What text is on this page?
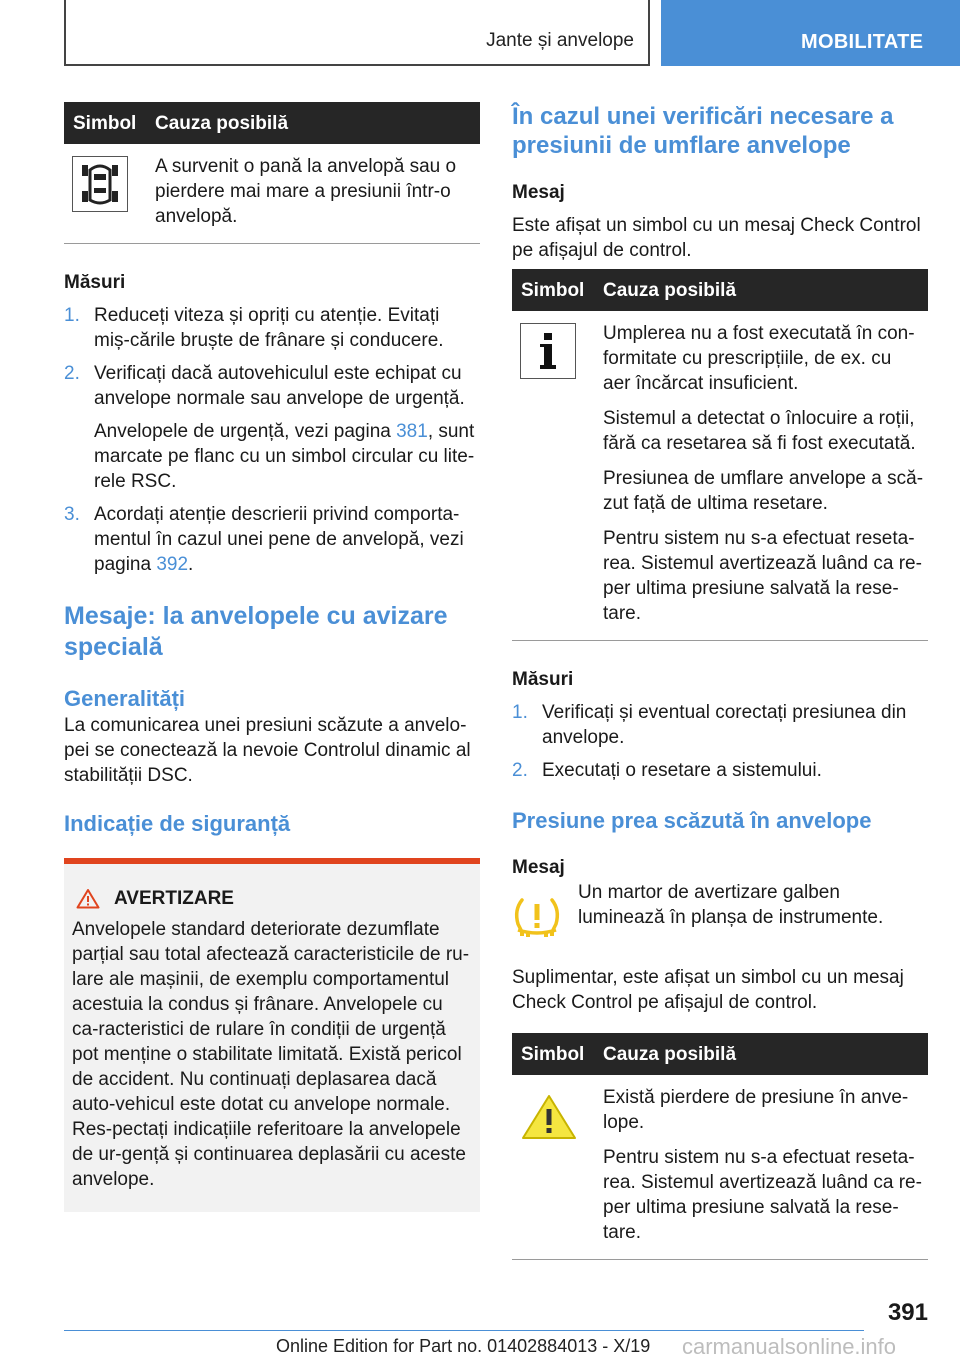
Jante și anvelope	MOBILITATE
Simbol	Cauza posibilă

	A survenit o pană la anvelopă sau o pierdere mai mare a presiunii într-o anvelopă.

Măsuri

1. Reduceți viteza și opriți cu atenție. Evitați miș-cările bruște de frânare și conducere.

2. Verificați dacă autovehiculul este echipat cu anvelope normale sau anvelope de urgență.

Anvelopele de urgență, vezi pagina 381, sunt marcate pe flanc cu un simbol circular cu lite-rele RSC.

3. Acordați atenție descrierii privind comporta-mentul în cazul unei pene de anvelopă, vezi pagina 392.

Mesaje: la anvelopele cu avizare specială
Generalități

La comunicarea unei presiuni scăzute a anvelo-pei se conectează la nevoie Controlul dinamic al stabilității DSC.

Indicație de siguranță
AVERTIZARE

Anvelopele standard deteriorate dezumflate parțial sau total afectează caracteristicile de ru-lare ale mașinii, de exemplu comportamentul acestuia la condus și frânare. Anvelopele cu ca-racteristici de rulare în condiții de urgență pot menține o stabilitate limitată. Există pericol de accident. Nu continuați deplasarea dacă auto-vehicul este dotat cu anvelope normale. Res-pectați indicațiile referitoare la anvelopele de ur-gență și continuarea deplasării cu aceste anvelope.

În cazul unei verificări necesare a presiunii de umflare anvelope

Mesaj

Este afișat un simbol cu un mesaj Check Control pe afișajul de control.

Simbol	Cauza posibilă

Umplerea nu a fost executată în con-formitate cu prescripțiile, de ex. cu aer încărcat insuficient.

Sistemul a detectat o înlocuire a roții, fără ca resetarea să fi fost executată.

Presiunea de umflare anvelope a scă-zut față de ultima resetare.

Pentru sistem nu s-a efectuat reseta-rea. Sistemul avertizează luând ca re-per ultima presiune salvată la rese-tare.

Măsuri

1. Verificați și eventual corectați presiunea din anvelope.

2. Executați o resetare a sistemului.

Presiune prea scăzută în anvelope

Mesaj

Un martor de avertizare galben luminează în planșa de instrumente.

Suplimentar, este afișat un simbol cu un mesaj Check Control pe afișajul de control.

Simbol	Cauza posibilă

Există pierdere de presiune în anve-lope.

Pentru sistem nu s-a efectuat reseta-rea. Sistemul avertizează luând ca re-per ultima presiune salvată la rese-tare.

391
Online Edition for Part no. 01402884013 - X/19 carmanualsonline.info
